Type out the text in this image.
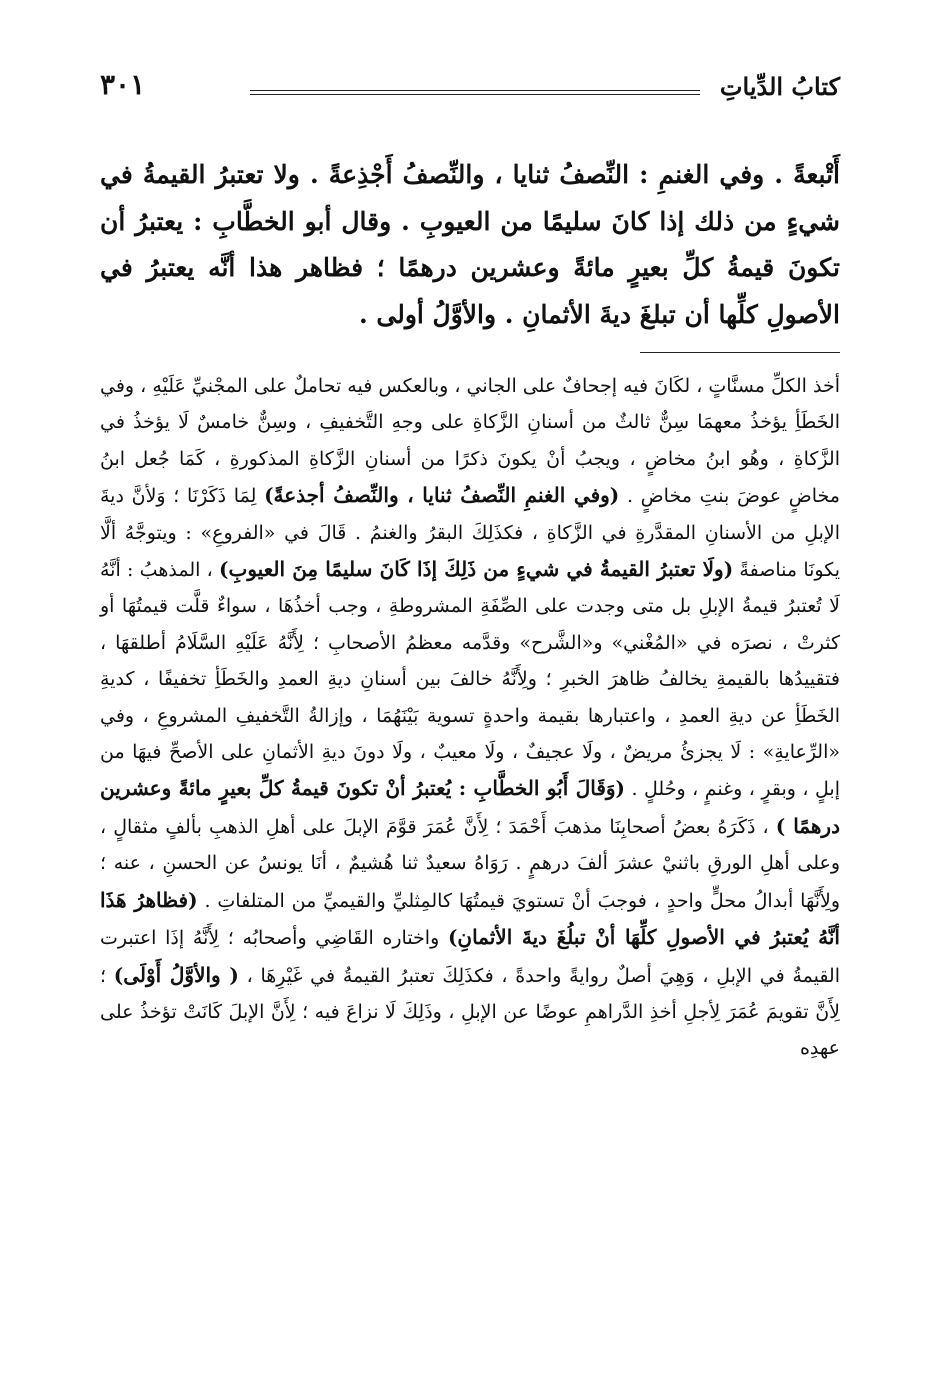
كتابُ الدِّياتِ
٣٠١
أَتْبعةً . وفي الغنمِ : النِّصفُ ثنايا ، والنِّصفُ أَجْذِعةً . ولا تعتبرُ القيمةُ في شيءٍ من ذلك إذا كانَ سليمًا من العيوبِ . وقال أبو الخطَّابِ : يعتبرُ أن تكونَ قيمةُ كلِّ بعيرٍ مائةً وعشرين درهمًا ؛ فظاهر هذا أنَّه يعتبرُ في الأصولِ كلِّها أن تبلغَ ديةَ الأثمانِ . والأوَّلُ أولى .
أخذ الكلِّ مسنَّاتٍ ، لكَانَ فيه إجحافٌ على الجاني ، وبالعكس فيه تحاملٌ على المجْنيِّ عَلَيْهِ ، وفي الخَطَأِ يؤخذُ معهمَا سِنٌّ ثالثٌ من أسنانِ الزَّكاةِ على وجهِ التَّخفيفِ ، وسِنٌّ خامسٌ لَا يؤخذُ في الزَّكاةِ ، وهُو ابنُ مخاضٍ ، ويجبُ أنْ يكونَ ذكرًا من أسنانِ الزَّكاةِ المذكورةِ ، كَمَا جُعل ابنُ مخاضٍ عوضَ بنتِ مخاضٍ . (وفي الغنمِ النِّصفُ ثنايا ، والنِّصفُ أجذعةً) لِمَا ذَكَرْنَا ؛ وَلأنَّ ديةَ الإبلِ من الأسنانِ المقدَّرةِ في الزَّكاةِ ، فكذَلِكَ البقرُ والغنمُ . قَالَ في «الفروعِ» : ويتوجَّهُ ألَّا يكونَا مناصفةً (ولَا تعتبرُ القيمةُ في شيءٍ من ذَلِكَ إذَا كَانَ سليمًا مِنَ العيوبِ) ، المذهبُ : أنَّهُ لَا تُعتبرُ قيمةُ الإبلِ بل متى وجدت على الصِّفَةِ المشروطةِ ، وجب أخذُهَا ، سواءٌ قلَّت قيمتُهَا أو كثرتْ ، نصرَه في «المُغْني» و«الشَّرح» وقدَّمه معظمُ الأصحابِ ؛ لِأَنَّهُ عَلَيْهِ السَّلَامُ أطلقهَا ، فتقييدُها بالقيمةِ يخالفُ ظاهرَ الخبرِ ؛ ولِأَنَّهُ خالفَ بين أسنانِ ديةِ العمدِ والخَطَأِ تخفيفًا ، كديةِ الخَطَأِ عن ديةِ العمدِ ، واعتبارها بقيمة واحدةٍ تسوية بَيْنَهُمَا ، وإزالةُ التَّخفيفِ المشروعِ ، وفي «الرِّعايةِ» : لَا يجزئُ مريضٌ ، ولَا عجيفٌ ، ولَا معيبٌ ، ولَا دونَ ديةِ الأثمانِ على الأصحِّ فيهَا من إبلٍ ، وبقرٍ ، وغنمٍ ، وحُللٍ . (وَقَالَ أَبُو الخطَّابِ : يُعتبرُ أنْ تكونَ قيمةُ كلِّ بعيرٍ مائةً وعشرين درهمًا ) ، ذَكَرَهُ بعضُ أصحابِنَا مذهبَ أَحْمَدَ ؛ لِأَنَّ عُمَرَ قوَّمَ الإبلَ على أهلِ الذهبِ بألفٍ مثقالٍ ، وعلى أهلِ الورقِ باثنيْ عشرَ ألفَ درهمٍ . رَوَاهُ سعيدٌ ثنا هُشيمٌ ، أنَا يونسُ عن الحسنِ ، عنه ؛ ولِأَنَّهَا أبدالُ محلٍّ واحدٍ ، فوجبَ أنْ تستويَ قيمتُهَا كالمِثليِّ والقيميِّ من المتلفاتِ . (فظاهرُ هَذَا أنَّهُ يُعتبرُ في الأصولِ كلِّهَا أنْ تبلُغَ ديةَ الأثمانِ) واختاره القَاضِي وأصحابُه ؛ لِأَنَّهُ إذَا اعتبرت القيمةُ في الإبلِ ، وَهِيَ أصلٌ روايةً واحدةً ، فكذَلِكَ تعتبرُ القيمةُ في غَيْرِهَا ، ( والأوَّلُ أَوْلَى) ؛ لِأَنَّ تقويمَ عُمَرَ لِأجلِ أخذِ الدَّراهمِ عوضًا عن الإبلِ ، وذَلِكَ لَا نزاعَ فيه ؛ لِأَنَّ الإبلَ كَانَتْ تؤخذُ على عهدِه
